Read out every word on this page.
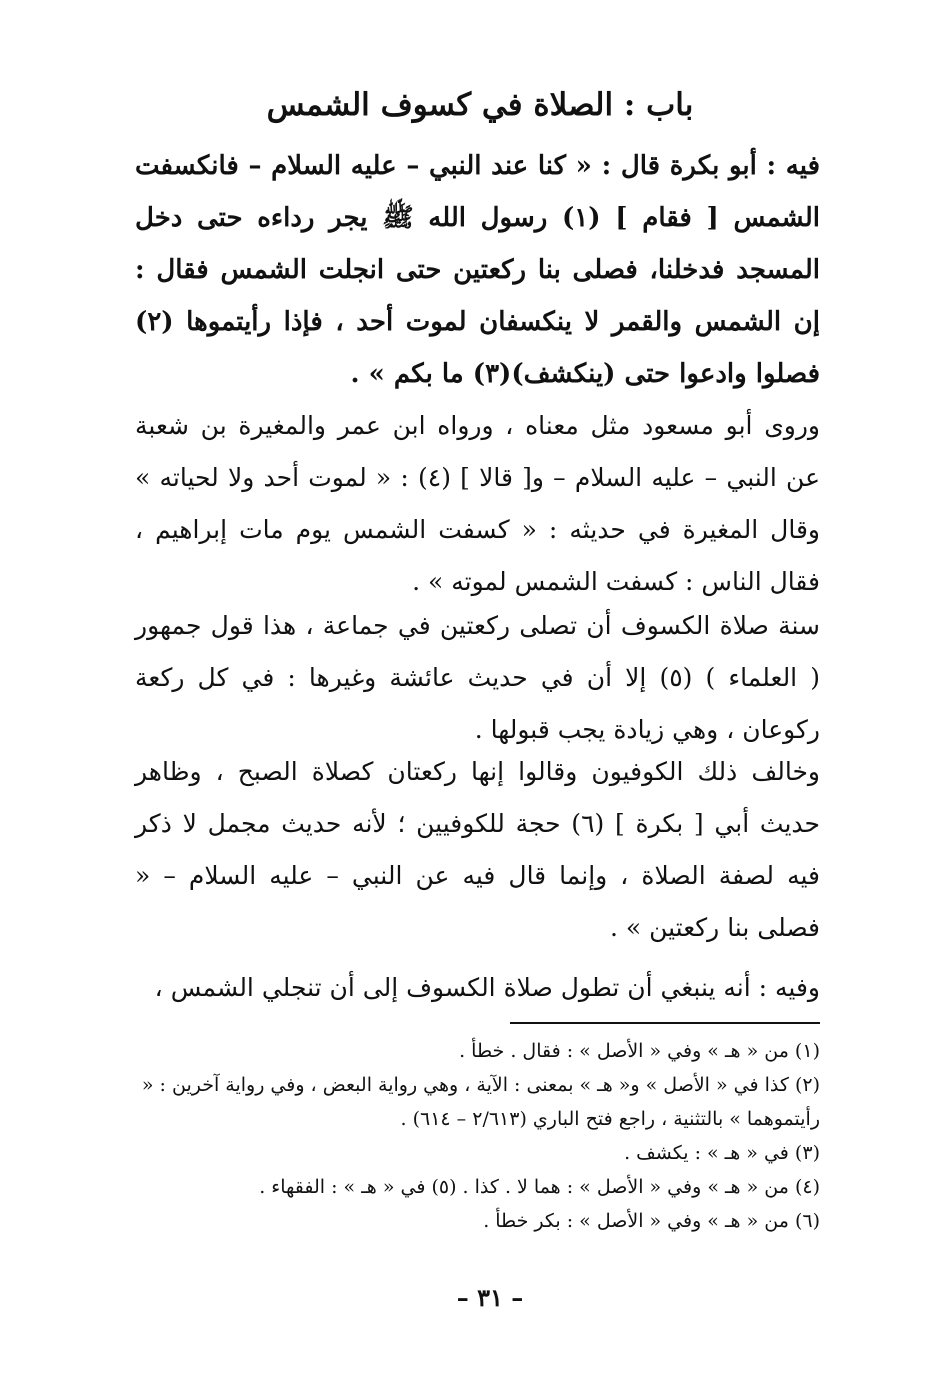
باب : الصلاة في كسوف الشمس

فيه : أبو بكرة قال : « كنا عند النبي – عليه السلام – فانكسفت الشمس [ فقام ] (١) رسول الله ﷺ يجر رداءه حتى دخل المسجد فدخلنا، فصلى بنا ركعتين حتى انجلت الشمس فقال : إن الشمس والقمر لا ينكسفان لموت أحد ، فإذا رأيتموها (٢) فصلوا وادعوا حتى (ينكشف)(٣) ما بكم » .

وروى أبو مسعود مثل معناه ، ورواه ابن عمر والمغيرة بن شعبة عن النبي – عليه السلام – و[ قالا ] (٤) : « لموت أحد ولا لحياته » وقال المغيرة في حديثه : « كسفت الشمس يوم مات إبراهيم ، فقال الناس : كسفت الشمس لموته » .

سنة صلاة الكسوف أن تصلى ركعتين في جماعة ، هذا قول جمهور ( العلماء ) (٥) إلا أن في حديث عائشة وغيرها : في كل ركعة ركوعان ، وهي زيادة يجب قبولها .

وخالف ذلك الكوفيون وقالوا إنها ركعتان كصلاة الصبح ، وظاهر حديث أبي [ بكرة ] (٦) حجة للكوفيين ؛ لأنه حديث مجمل لا ذكر فيه لصفة الصلاة ، وإنما قال فيه عن النبي – عليه السلام – « فصلى بنا ركعتين » .

وفيه : أنه ينبغي أن تطول صلاة الكسوف إلى أن تنجلي الشمس ،

(١) من « هـ » وفي « الأصل » : فقال . خطأ .
(٢) كذا في « الأصل » و« هـ » بمعنى : الآية ، وهي رواية البعض ، وفي رواية آخرين : « رأيتموهما » بالتثنية ، راجع فتح الباري (٢/٦١٣ – ٦١٤) .
(٣) في « هـ » : يكشف .
(٤) من « هـ » وفي « الأصل » : هما لا . كذا . (٥) في « هـ » : الفقهاء .
(٦) من « هـ » وفي « الأصل » : بكر خطأ .
– ٣١ –
